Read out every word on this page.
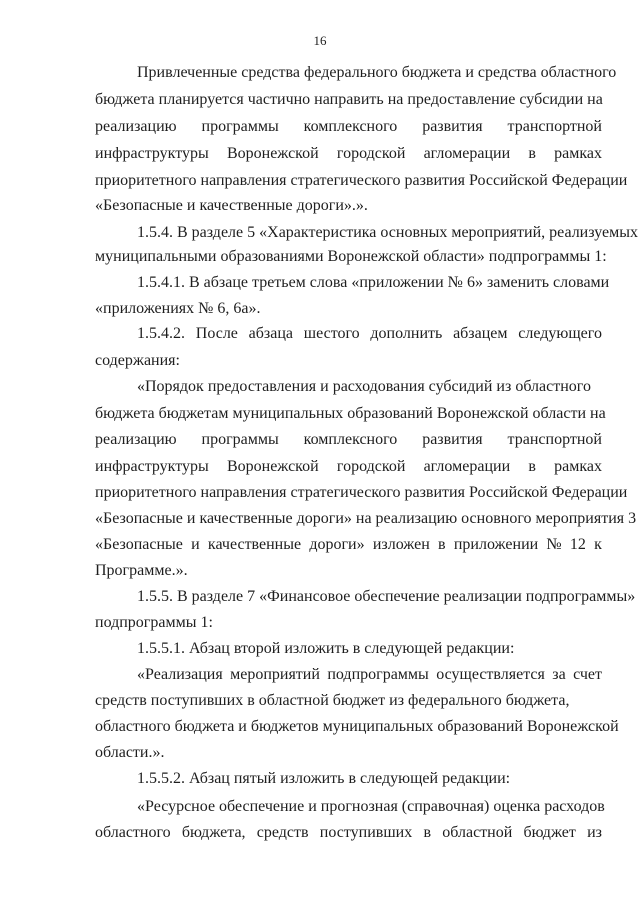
16
Привлеченные средства федерального бюджета и средства областного
бюджета планируется частично направить на предоставление субсидии на
реализацию программы комплексного развития транспортной
инфраструктуры Воронежской городской агломерации в рамках
приоритетного направления стратегического развития Российской Федерации
«Безопасные и качественные дороги».».
1.5.4. В разделе 5 «Характеристика основных мероприятий, реализуемых
муниципальными образованиями Воронежской области» подпрограммы 1:
1.5.4.1. В абзаце третьем слова «приложении № 6» заменить словами
«приложениях № 6, 6а».
1.5.4.2. После абзаца шестого дополнить абзацем следующего
содержания:
«Порядок предоставления и расходования субсидий из областного
бюджета бюджетам муниципальных образований Воронежской области на
реализацию программы комплексного развития транспортной
инфраструктуры Воронежской городской агломерации в рамках
приоритетного направления стратегического развития Российской Федерации
«Безопасные и качественные дороги» на реализацию основного мероприятия 3
«Безопасные и качественные дороги» изложен в приложении № 12 к
Программе.».
1.5.5. В разделе 7 «Финансовое обеспечение реализации подпрограммы»
подпрограммы 1:
1.5.5.1. Абзац второй изложить в следующей редакции:
«Реализация мероприятий подпрограммы осуществляется за счет
средств поступивших в областной бюджет из федерального бюджета,
областного бюджета и бюджетов муниципальных образований Воронежской
области.».
1.5.5.2. Абзац пятый изложить в следующей редакции:
«Ресурсное обеспечение и прогнозная (справочная) оценка расходов
областного бюджета, средств поступивших в областной бюджет из
